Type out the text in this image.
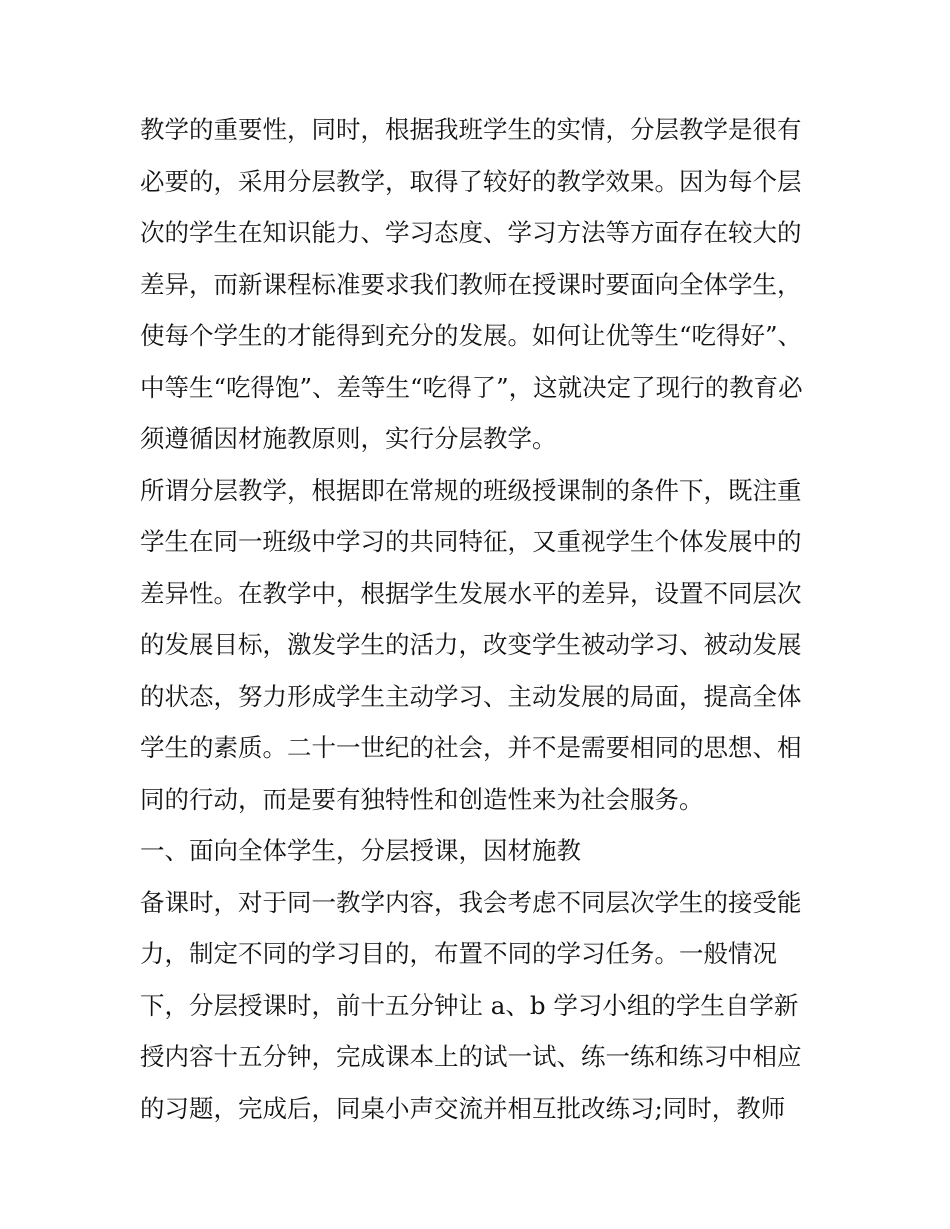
教学的重要性，同时，根据我班学生的实情，分层教学是很有
必要的，采用分层教学，取得了较好的教学效果。因为每个层
次的学生在知识能力、学习态度、学习方法等方面存在较大的
差异，而新课程标准要求我们教师在授课时要面向全体学生，
使每个学生的才能得到充分的发展。如何让优等生“吃得好”、
中等生“吃得饱”、差等生“吃得了”，这就决定了现行的教育必
须遵循因材施教原则，实行分层教学。
所谓分层教学，根据即在常规的班级授课制的条件下，既注重
学生在同一班级中学习的共同特征，又重视学生个体发展中的
差异性。在教学中，根据学生发展水平的差异，设置不同层次
的发展目标，激发学生的活力，改变学生被动学习、被动发展
的状态，努力形成学生主动学习、主动发展的局面，提高全体
学生的素质。二十一世纪的社会，并不是需要相同的思想、相
同的行动，而是要有独特性和创造性来为社会服务。
一、面向全体学生，分层授课，因材施教
备课时，对于同一教学内容，我会考虑不同层次学生的接受能
力，制定不同的学习目的，布置不同的学习任务。一般情况
下，分层授课时，前十五分钟让 a、b 学习小组的学生自学新
授内容十五分钟，完成课本上的试一试、练一练和练习中相应
的习题，完成后，同桌小声交流并相互批改练习;同时，教师
